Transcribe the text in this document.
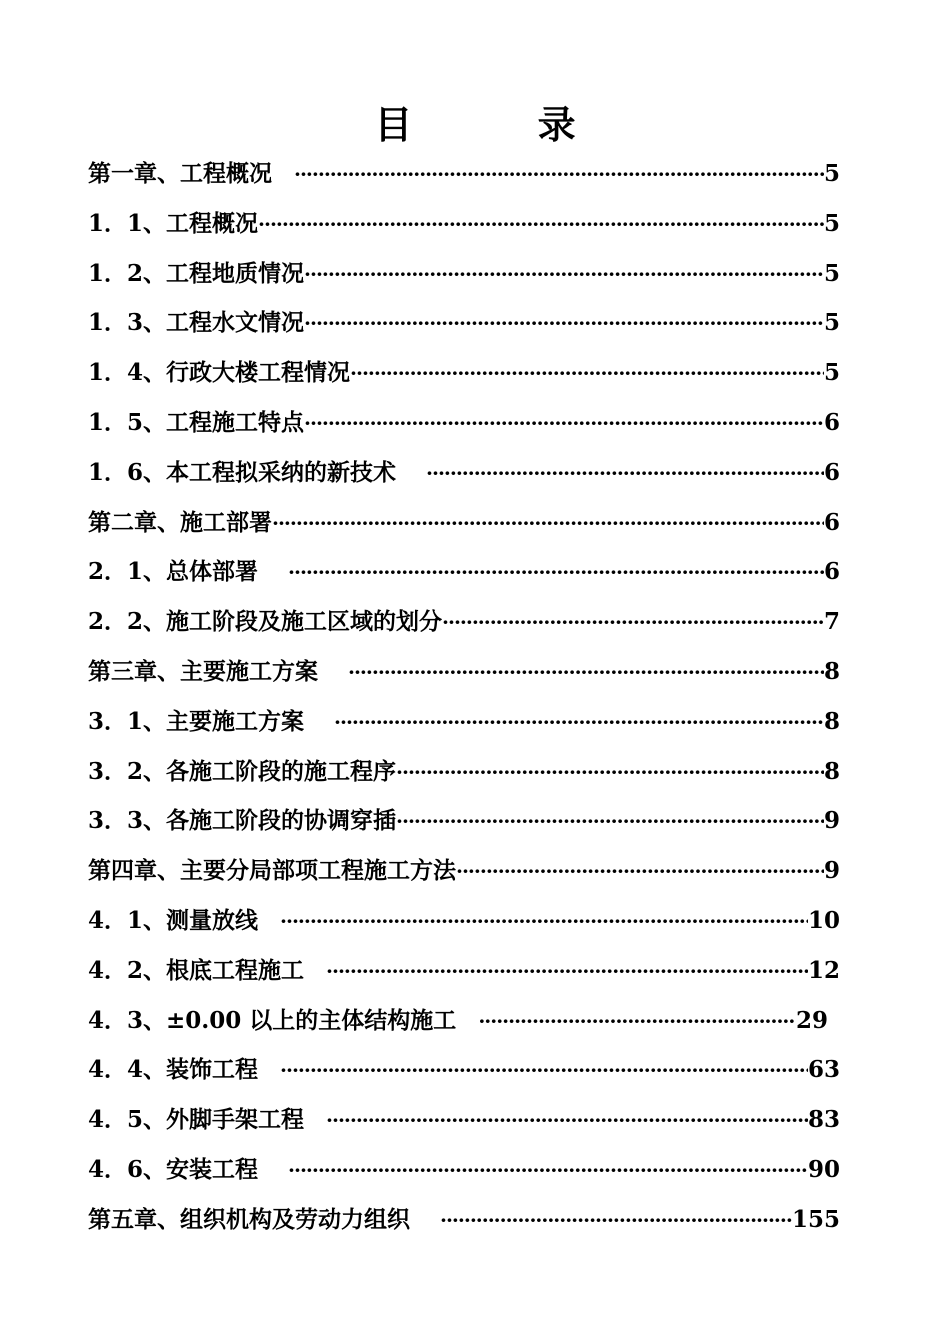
目 录
第一章、工程概况 ·····	5
1．1、工程概况 ·····	5
1．2、工程地质情况 ·····	5
1．3、工程水文情况 ·····	5
1．4、行政大楼工程情况 ·····	5
1．5、工程施工特点 ·····	6
1．6、本工程拟采纳的新技术 ·····	6
第二章、施工部署 ·····	6
2．1、总体部署 ·····	6
2．2、施工阶段及施工区域的划分 ·····	7
第三章、主要施工方案 ·····	8
3．1、主要施工方案 ·····	8
3．2、各施工阶段的施工程序 ·····	8
3．3、各施工阶段的协调穿插 ·····	9
第四章、主要分局部项工程施工方法 ·····	9
4．1、测量放线 ·····	10
4．2、根底工程施工 ·····	12
4．3、±0.00 以上的主体结构施工 ·····	29
4．4、装饰工程 ·····	63
4．5、外脚手架工程 ·····	83
4．6、安装工程 ·····	90
第五章、组织机构及劳动力组织 ·····	155
